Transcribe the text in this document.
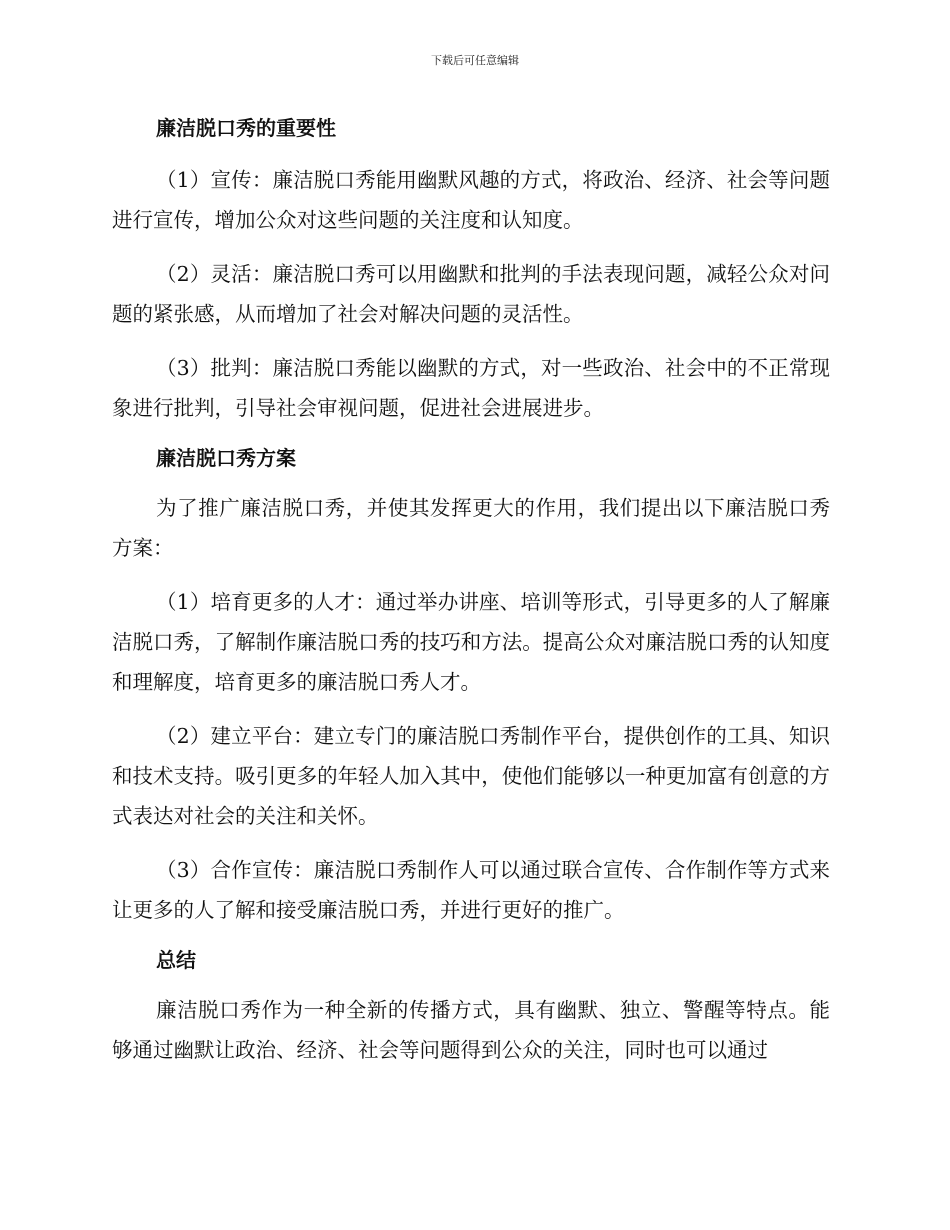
下载后可任意编辑
廉洁脱口秀的重要性

（1）宣传：廉洁脱口秀能用幽默风趣的方式，将政治、经济、社会等问题进行宣传，增加公众对这些问题的关注度和认知度。

（2）灵活：廉洁脱口秀可以用幽默和批判的手法表现问题，减轻公众对问题的紧张感，从而增加了社会对解决问题的灵活性。

（3）批判：廉洁脱口秀能以幽默的方式，对一些政治、社会中的不正常现象进行批判，引导社会审视问题，促进社会进展进步。

廉洁脱口秀方案

为了推广廉洁脱口秀，并使其发挥更大的作用，我们提出以下廉洁脱口秀方案：

（1）培育更多的人才：通过举办讲座、培训等形式，引导更多的人了解廉洁脱口秀，了解制作廉洁脱口秀的技巧和方法。提高公众对廉洁脱口秀的认知度和理解度，培育更多的廉洁脱口秀人才。

（2）建立平台：建立专门的廉洁脱口秀制作平台，提供创作的工具、知识和技术支持。吸引更多的年轻人加入其中，使他们能够以一种更加富有创意的方式表达对社会的关注和关怀。

（3）合作宣传：廉洁脱口秀制作人可以通过联合宣传、合作制作等方式来让更多的人了解和接受廉洁脱口秀，并进行更好的推广。

总结

廉洁脱口秀作为一种全新的传播方式，具有幽默、独立、警醒等特点。能够通过幽默让政治、经济、社会等问题得到公众的关注，同时也可以通过
